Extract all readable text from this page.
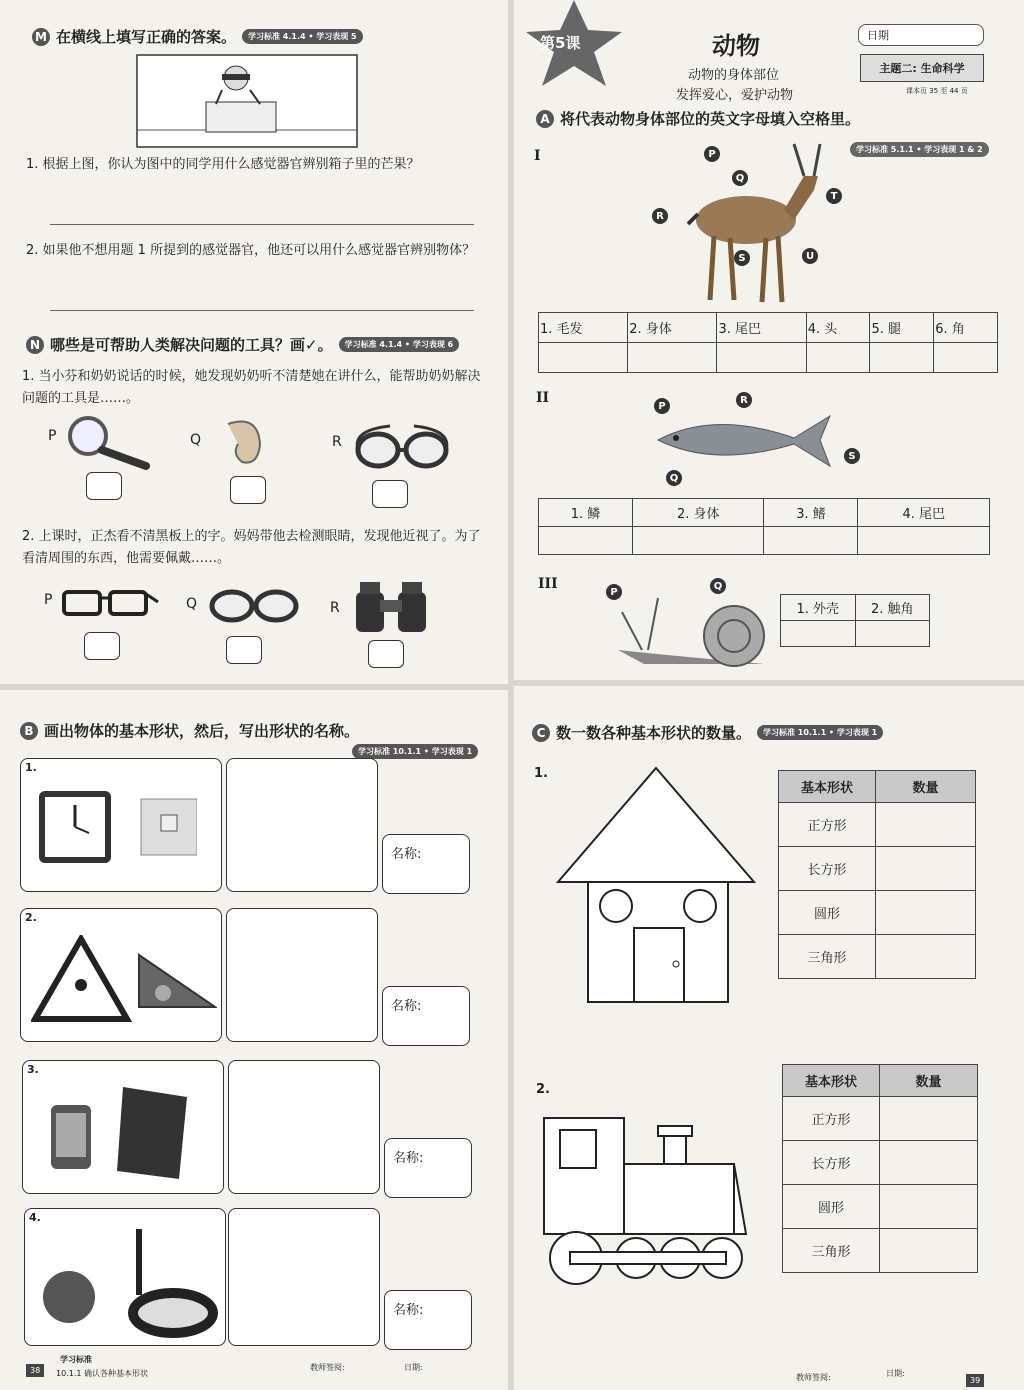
M 在横线上填写正确的答案。	学习标准 4.1.4 • 学习表现 5
1. 根据上图，你认为图中的同学用什么感觉器官辨别箱子里的芒果？
2. 如果他不想用题 1 所提到的感觉器官，他还可以用什么感觉器官辨别物体？
N 哪些是可帮助人类解决问题的工具？画✓。	学习标准 4.1.4 • 学习表现 6
1. 当小芬和奶奶说话的时候，她发现奶奶听不清楚她在讲什么，能帮助奶奶解决问题的工具是……。
P	Q	R
2. 上课时，正杰看不清黑板上的字。妈妈带他去检测眼睛，发现他近视了。为了看清周围的东西，他需要佩戴……。
P	Q	R
第5课	动物
动物的身体部位
发挥爱心，爱护动物
日期
主题二: 生命科学
课本页 35 至 44 页
A 将代表动物身体部位的英文字母填入空格里。
学习标准 5.1.1 • 学习表现 1 & 2
I	P
Q
T
R
S	U
1. 毛发	2. 身体	3. 尾巴	4. 头	5. 腿	6. 角

II	P
R
Q
S
1. 鳞	2. 身体	3. 鳍	4. 尾巴

III	P
Q
1. 外壳	2. 触角

B 画出物体的基本形状，然后，写出形状的名称。
学习标准 10.1.1 • 学习表现 1
1.
名称:
2.
名称:
3.
名称:
4.
名称:
38
学习标准
10.1.1 确认各种基本形状
教师签阅:	日期:
C 数一数各种基本形状的数量。	学习标准 10.1.1 • 学习表现 1
1.
基本形状	数量
正方形	
长方形	
圆形	
三角形	
2.	基本形状	数量
正方形	
长方形	
圆形	
三角形	
教师签阅:	日期:
39
